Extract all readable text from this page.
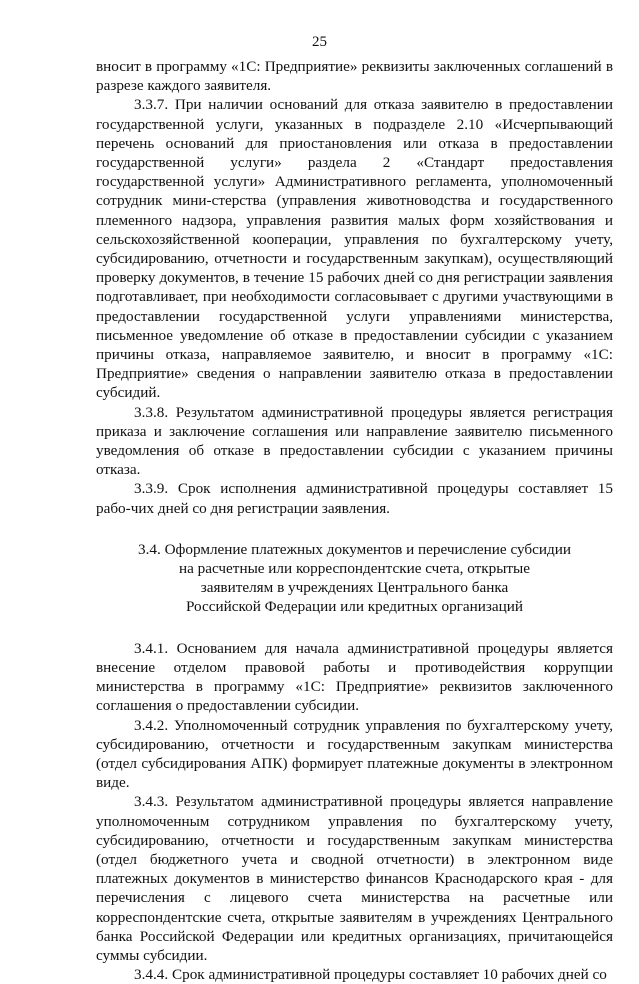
25

вносит в программу «1С: Предприятие» реквизиты заключенных соглашений в разрезе каждого заявителя.

3.3.7. При наличии оснований для отказа заявителю в предоставлении государственной услуги, указанных в подразделе 2.10 «Исчерпывающий перечень оснований для приостановления или отказа в предоставлении государственной услуги» раздела 2 «Стандарт предоставления государственной услуги» Административного регламента, уполномоченный сотрудник мини-стерства (управления животноводства и государственного племенного надзора, управления развития малых форм хозяйствования и сельскохозяйственной кооперации, управления по бухгалтерскому учету, субсидированию, отчетности и государственным закупкам), осуществляющий проверку документов, в течение 15 рабочих дней со дня регистрации заявления подготавливает, при необходимости согласовывает с другими участвующими в предоставлении государственной услуги управлениями министерства, письменное уведомление об отказе в предоставлении субсидии с указанием причины отказа, направляемое заявителю, и вносит в программу «1С: Предприятие» сведения о направлении заявителю отказа в предоставлении субсидий.

3.3.8. Результатом административной процедуры является регистрация приказа и заключение соглашения или направление заявителю письменного уведомления об отказе в предоставлении субсидии с указанием причины отказа.

3.3.9. Срок исполнения административной процедуры составляет 15 рабо-чих дней со дня регистрации заявления.

3.4. Оформление платежных документов и перечисление субсидии
на расчетные или корреспондентские счета, открытые
заявителям в учреждениях Центрального банка
Российской Федерации или кредитных организаций

3.4.1. Основанием для начала административной процедуры является внесение отделом правовой работы и противодействия коррупции министерства в программу «1С: Предприятие» реквизитов заключенного соглашения о предоставлении субсидии.

3.4.2. Уполномоченный сотрудник управления по бухгалтерскому учету, субсидированию, отчетности и государственным закупкам министерства (отдел субсидирования АПК) формирует платежные документы в электронном виде.

3.4.3. Результатом административной процедуры является направление уполномоченным сотрудником управления по бухгалтерскому учету, субсидированию, отчетности и государственным закупкам министерства (отдел бюджетного учета и сводной отчетности) в электронном виде платежных документов в министерство финансов Краснодарского края - для перечисления с лицевого счета министерства на расчетные или корреспондентские счета, открытые заявителям в учреждениях Центрального банка Российской Федерации или кредитных организациях, причитающейся суммы субсидии.

3.4.4. Срок административной процедуры составляет 10 рабочих дней со
